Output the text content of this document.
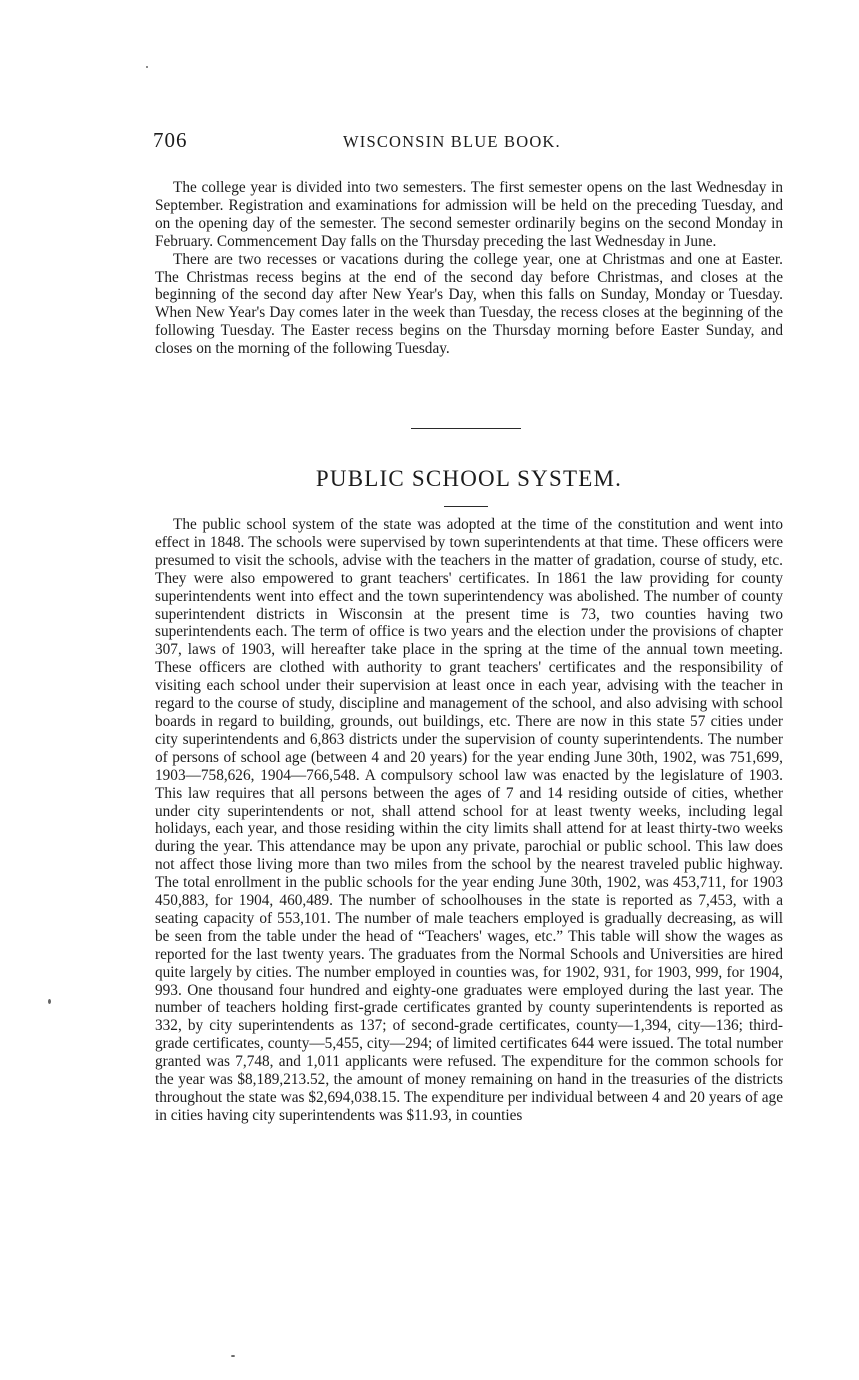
706	WISCONSIN BLUE BOOK.

The college year is divided into two semesters. The first semester opens on the last Wednesday in September. Registration and examinations for admission will be held on the preceding Tuesday, and on the opening day of the semester. The second semester ordinarily begins on the second Monday in February. Commencement Day falls on the Thursday preceding the last Wednesday in June.

There are two recesses or vacations during the college year, one at Christmas and one at Easter. The Christmas recess begins at the end of the second day before Christmas, and closes at the beginning of the second day after New Year's Day, when this falls on Sunday, Monday or Tuesday. When New Year's Day comes later in the week than Tuesday, the recess closes at the beginning of the following Tuesday. The Easter recess begins on the Thursday morning before Easter Sunday, and closes on the morning of the following Tuesday.

PUBLIC SCHOOL SYSTEM.

The public school system of the state was adopted at the time of the constitution and went into effect in 1848. The schools were supervised by town superintendents at that time. These officers were presumed to visit the schools, advise with the teachers in the matter of gradation, course of study, etc. They were also empowered to grant teachers' certificates. In 1861 the law providing for county superintendents went into effect and the town superintendency was abolished. The number of county superintendent districts in Wisconsin at the present time is 73, two counties having two superintendents each. The term of office is two years and the election under the provisions of chapter 307, laws of 1903, will hereafter take place in the spring at the time of the annual town meeting. These officers are clothed with authority to grant teachers' certificates and the responsibility of visiting each school under their supervision at least once in each year, advising with the teacher in regard to the course of study, discipline and management of the school, and also advising with school boards in regard to building, grounds, out buildings, etc. There are now in this state 57 cities under city superintendents and 6,863 districts under the supervision of county superintendents. The number of persons of school age (between 4 and 20 years) for the year ending June 30th, 1902, was 751,699, 1903—758,626, 1904—766,548. A compulsory school law was enacted by the legislature of 1903. This law requires that all persons between the ages of 7 and 14 residing outside of cities, whether under city superintendents or not, shall attend school for at least twenty weeks, including legal holidays, each year, and those residing within the city limits shall attend for at least thirty-two weeks during the year. This attendance may be upon any private, parochial or public school. This law does not affect those living more than two miles from the school by the nearest traveled public highway. The total enrollment in the public schools for the year ending June 30th, 1902, was 453,711, for 1903 450,883, for 1904, 460,489. The number of schoolhouses in the state is reported as 7,453, with a seating capacity of 553,101. The number of male teachers employed is gradually decreasing, as will be seen from the table under the head of “Teachers' wages, etc.” This table will show the wages as reported for the last twenty years. The graduates from the Normal Schools and Universities are hired quite largely by cities. The number employed in counties was, for 1902, 931, for 1903, 999, for 1904, 993. One thousand four hundred and eighty-one graduates were employed during the last year. The number of teachers holding first-grade certificates granted by county superintendents is reported as 332, by city superintendents as 137; of second-grade certificates, county—1,394, city—136; third-grade certificates, county—5,455, city—294; of limited certificates 644 were issued. The total number granted was 7,748, and 1,011 applicants were refused. The expenditure for the common schools for the year was $8,189,213.52, the amount of money remaining on hand in the treasuries of the districts throughout the state was $2,694,038.15. The expenditure per individual between 4 and 20 years of age in cities having city superintendents was $11.93, in counties
